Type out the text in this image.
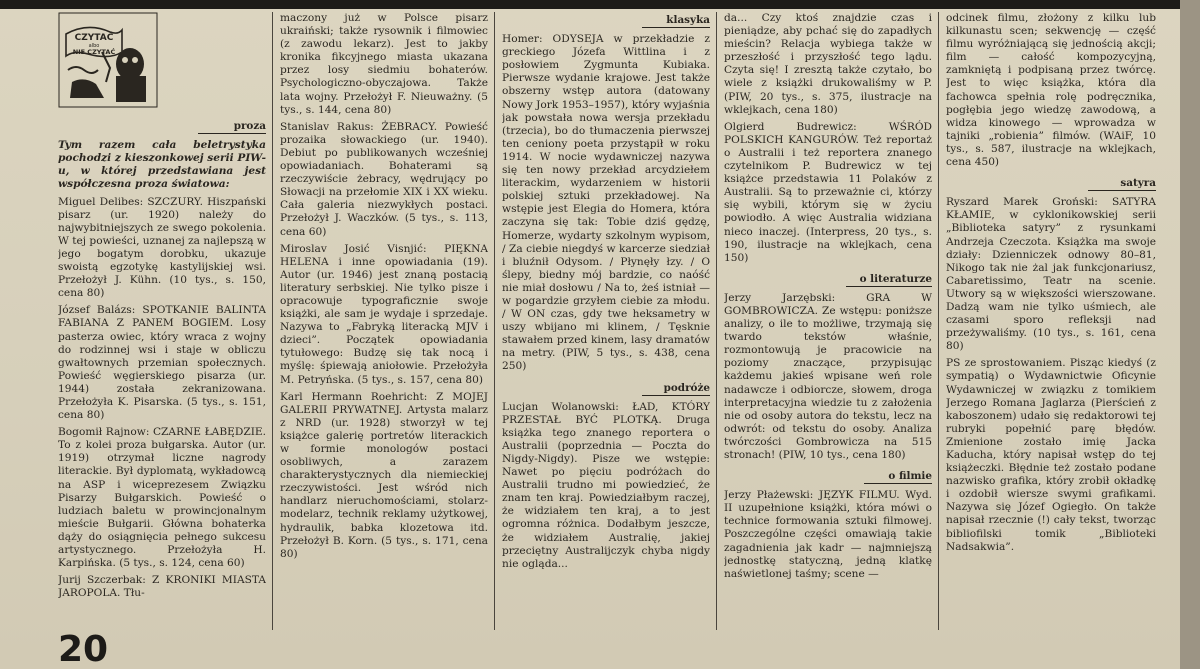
CZYTAĆ
albo
NIE CZYTAĆ
proza

Tym razem cała beletrystyka pochodzi z kieszonkowej serii PIW-u, w której przedstawiana jest współczesna proza światowa:

Miguel Delibes: SZCZURY. Hiszpański pisarz (ur. 1920) należy do najwybitniejszych ze swego pokolenia. W tej powieści, uznanej za najlepszą w jego bogatym dorobku, ukazuje swoistą egzotykę kastylijskiej wsi. Przełożył J. Kühn. (10 tys., s. 150, cena 80)

József Balázs: SPOTKANIE BALINTA FABIANA Z PANEM BOGIEM. Losy pasterza owiec, który wraca z wojny do rodzinnej wsi i staje w obliczu gwałtownych przemian społecznych. Powieść węgierskiego pisarza (ur. 1944) została zekranizowana. Przełożyła K. Pisarska. (5 tys., s. 151, cena 80)

Bogomił Rajnow: CZARNE ŁABĘDZIE. To z kolei proza bułgarska. Autor (ur. 1919) otrzymał liczne nagrody literackie. Był dyplomatą, wykładowcą na ASP i wiceprezesem Związku Pisarzy Bułgarskich. Powieść o ludziach baletu w prowincjonalnym mieście Bułgarii. Główna bohaterka dąży do osiągnięcia pełnego sukcesu artystycznego. Przełożyła H. Karpińska. (5 tys., s. 124, cena 60)

Jurij Szczerbak: Z KRONIKI MIASTA JAROPOLA. Tłu-

maczony już w Polsce pisarz ukraiński; także rysownik i filmowiec (z zawodu lekarz). Jest to jakby kronika fikcyjnego miasta ukazana przez losy siedmiu bohaterów. Psychologiczno-obyczajowa. Także lata wojny. Przełożył F. Nieuważny. (5 tys., s. 144, cena 80)

Stanislav Rakus: ŻEBRACY. Powieść prozaika słowackiego (ur. 1940). Debiut po publikowanych wcześniej opowiadaniach. Bohaterami są rzeczywiście żebracy, wędrujący po Słowacji na przełomie XIX i XX wieku. Cała galeria niezwykłych postaci. Przełożył J. Waczków. (5 tys., s. 113, cena 60)

Miroslav Josić Visnjić: PIĘKNA HELENA i inne opowiadania (19). Autor (ur. 1946) jest znaną postacią literatury serbskiej. Nie tylko pisze i opracowuje typograficznie swoje książki, ale sam je wydaje i sprzedaje. Nazywa to „Fabryką literacką MJV i dzieci”. Początek opowiadania tytułowego: Budzę się tak nocą i myślę: śpiewają aniołowie. Przełożyła M. Petryńska. (5 tys., s. 157, cena 80)

Karl Hermann Roehricht: Z MOJEJ GALERII PRYWATNEJ. Artysta malarz z NRD (ur. 1928) stworzył w tej książce galerię portretów literackich w formie monologów postaci osobliwych, a zarazem charakterystycznych dla niemieckiej rzeczywistości. Jest wśród nich handlarz nieruchomościami, stolarz-modelarz, technik reklamy użytkowej, hydraulik, babka klozetowa itd. Przełożył B. Korn. (5 tys., s. 171, cena 80)

klasyka

Homer: ODYSEJA w przekładzie z greckiego Józefa Wittlina i z posłowiem Zygmunta Kubiaka. Pierwsze wydanie krajowe. Jest także obszerny wstęp autora (datowany Nowy Jork 1953–1957), który wyjaśnia jak powstała nowa wersja przekładu (trzecia), bo do tłumaczenia pierwszej ten ceniony poeta przystąpił w roku 1914. W nocie wydawniczej nazywa się ten nowy przekład arcydziełem literackim, wydarzeniem w historii polskiej sztuki przekładowej. Na wstępie jest Elegia do Homera, która zaczyna się tak: Tobie dziś gędzę, Homerze, wydarty szkolnym wypisom, / Za ciebie niegdyś w karcerze siedział i bluźnił Odysom. / Płynęły łzy. / O ślepy, biedny mój bardzie, co naóść nie miał dosłowu / Na to, żeś istniał — w pogardzie grzyłem ciebie za młodu. / W ON czas, gdy twe heksametry w uszy wbijano mi klinem, / Tęsknie stawałem przed kinem, lasy dramatów na metry. (PIW, 5 tys., s. 438, cena 250)

podróże

Lucjan Wolanowski: ŁAD, KTÓRY PRZESTAŁ BYĆ PLOTKĄ. Druga książka tego znanego reportera o Australii (poprzednia — Poczta do Nigdy-Nigdy). Pisze we wstępie: Nawet po pięciu podróżach do Australii trudno mi powiedzieć, że znam ten kraj. Powiedziałbym raczej, że widziałem ten kraj, a to jest ogromna różnica. Dodałbym jeszcze, że widziałem Australię, jakiej przeciętny Australijczyk chyba nigdy nie ogląda...

da... Czy ktoś znajdzie czas i pieniądze, aby pchać się do zapadłych mieścin? Relacja wybiega także w przeszłość i przyszłość tego lądu. Czyta się! I zresztą także czytało, bo wiele z książki drukowaliśmy w P. (PIW, 20 tys., s. 375, ilustracje na wklejkach, cena 180)

Olgierd Budrewicz: WŚRÓD POLSKICH KANGURÓW. Też reportaż o Australii i też reportera znanego czytelnikom P. Budrewicz w tej książce przedstawia 11 Polaków z Australii. Są to przeważnie ci, którzy się wybili, którym się w życiu powiodło. A więc Australia widziana nieco inaczej. (Interpress, 20 tys., s. 190, ilustracje na wklejkach, cena 150)

o literaturze

Jerzy Jarzębski: GRA W GOMBROWICZA. Ze wstępu: poniższe analizy, o ile to możliwe, trzymają się twardo tekstów właśnie, rozmontowują je pracowicie na poziomy znaczące, przypisując każdemu jakieś wpisane weń role nadawcze i odbiorcze, słowem, droga interpretacyjna wiedzie tu z założenia nie od osoby autora do tekstu, lecz na odwrót: od tekstu do osoby. Analiza twórczości Gombrowicza na 515 stronach! (PIW, 10 tys., cena 180)

o filmie

Jerzy Płażewski: JĘZYK FILMU. Wyd. II uzupełnione książki, która mówi o technice formowania sztuki filmowej. Poszczególne części omawiają takie zagadnienia jak kadr — najmniejszą jednostkę statyczną, jedną klatkę naświetlonej taśmy; scene —

odcinek filmu, złożony z kilku lub kilkunastu scen; sekwencję — część filmu wyróżniającą się jednością akcji; film — całość kompozycyjną, zamkniętą i podpisaną przez twórcę. Jest to więc książka, która dla fachowca spełnia rolę podręcznika, pogłębia jego wiedzę zawodową, a widza kinowego — wprowadza w tajniki „robienia” filmów. (WAiF, 10 tys., s. 587, ilustracje na wklejkach, cena 450)

satyra

Ryszard Marek Groński: SATYRA KŁAMIE, w cyklonikowskiej serii „Biblioteka satyry” z rysunkami Andrzeja Czeczota. Książka ma swoje działy: Dzienniczek odnowy 80–81, Nikogo tak nie żal jak funkcjonariusz, Cabaretissimo, Teatr na scenie. Utwory są w większości wierszowane. Dadzą wam nie tylko uśmiech, ale czasami sporo refleksji nad przeżywaliśmy. (10 tys., s. 161, cena 80)

PS ze sprostowaniem. Pisząc kiedyś (z sympatią) o Wydawnictwie Oficynie Wydawniczej w związku z tomikiem Jerzego Romana Jaglarza (Pierścień z kaboszonem) udało się redaktorowi tej rubryki popełnić parę błędów. Zmienione zostało imię Jacka Kaducha, który napisał wstęp do tej książeczki. Błędnie też zostało podane nazwisko grafika, który zrobił okładkę i ozdobił wiersze swymi grafikami. Nazywa się Józef Ogiegło. On także napisał rzecznie (!) cały tekst, tworząc bibliofilski tomik „Biblioteki Nadsakwia”.

20
